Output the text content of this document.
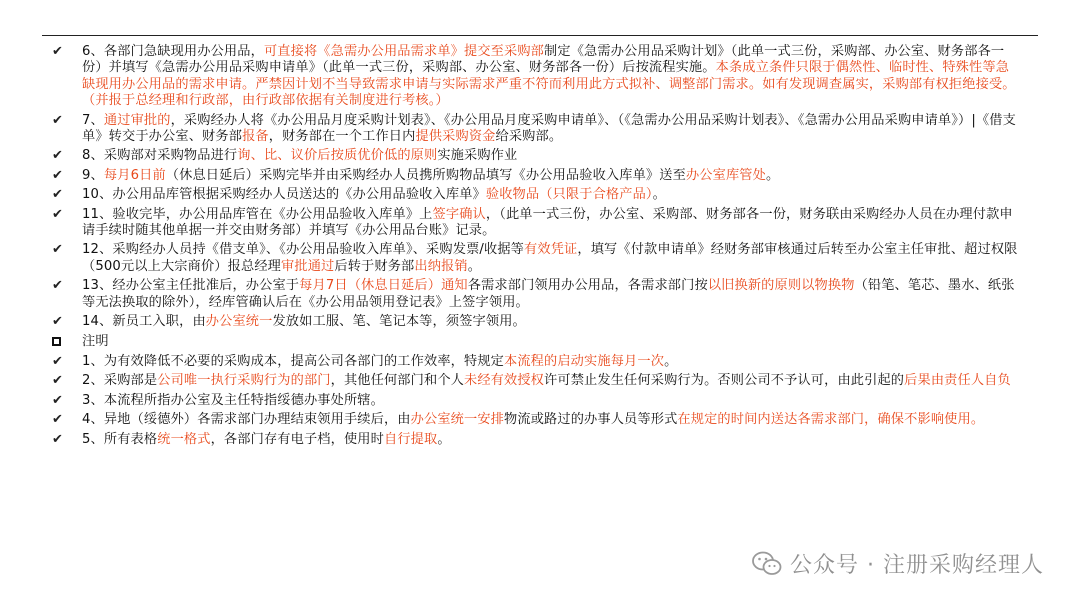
✔	6、各部门急缺现用办公用品，可直接将《急需办公用品需求单》提交至采购部制定《急需办公用品采购计划》（此单一式三份，采购部、办公室、财务部各一份）并填写《急需办公用品采购申请单》（此单一式三份，采购部、办公室、财务部各一份）后按流程实施。本条成立条件只限于偶然性、临时性、特殊性等急缺现用办公用品的需求申请。严禁因计划不当导致需求申请与实际需求严重不符而利用此方式拟补、调整部门需求。如有发现调查属实，采购部有权拒绝接受。（并报于总经理和行政部，由行政部依据有关制度进行考核。）
✔	7、通过审批的，采购经办人将《办公用品月度采购计划表》、《办公用品月度采购申请单》、（《急需办公用品采购计划表》、《急需办公用品采购申请单》）|《借支单》转交于办公室、财务部报备，财务部在一个工作日内提供采购资金给采购部。
✔	8、采购部对采购物品进行询、比、议价后按质优价低的原则实施采购作业
✔	9、每月6日前（休息日延后）采购完毕并由采购经办人员携所购物品填写《办公用品验收入库单》送至办公室库管处。
✔	10、办公用品库管根据采购经办人员送达的《办公用品验收入库单》验收物品（只限于合格产品）。
✔	11、验收完毕，办公用品库管在《办公用品验收入库单》上签字确认，（此单一式三份，办公室、采购部、财务部各一份，财务联由采购经办人员在办理付款申请手续时随其他单据一并交由财务部）并填写《办公用品台账》记录。
✔	12、采购经办人员持《借支单》、《办公用品验收入库单》、采购发票/收据等有效凭证，填写《付款申请单》经财务部审核通过后转至办公室主任审批、超过权限（500元以上大宗商价）报总经理审批通过后转于财务部出纳报销。
✔	13、经办公室主任批准后，办公室于每月7日（休息日延后）通知各需求部门领用办公用品，各需求部门按以旧换新的原则以物换物（铅笔、笔芯、墨水、纸张等无法换取的除外），经库管确认后在《办公用品领用登记表》上签字领用。
✔	14、新员工入职，由办公室统一发放如工服、笔、笔记本等，须签字领用。
注明
✔	1、为有效降低不必要的采购成本，提高公司各部门的工作效率，特规定本流程的启动实施每月一次。
✔	2、采购部是公司唯一执行采购行为的部门，其他任何部门和个人未经有效授权许可禁止发生任何采购行为。否则公司不予认可，由此引起的后果由责任人自负
✔	3、本流程所指办公室及主任特指绥德办事处所辖。
✔	4、异地（绥德外）各需求部门办理结束领用手续后，由办公室统一安排物流或路过的办事人员等形式在规定的时间内送达各需求部门，确保不影响使用。
✔	5、所有表格统一格式，各部门存有电子档，使用时自行提取。
公众号 · 注册采购经理人
